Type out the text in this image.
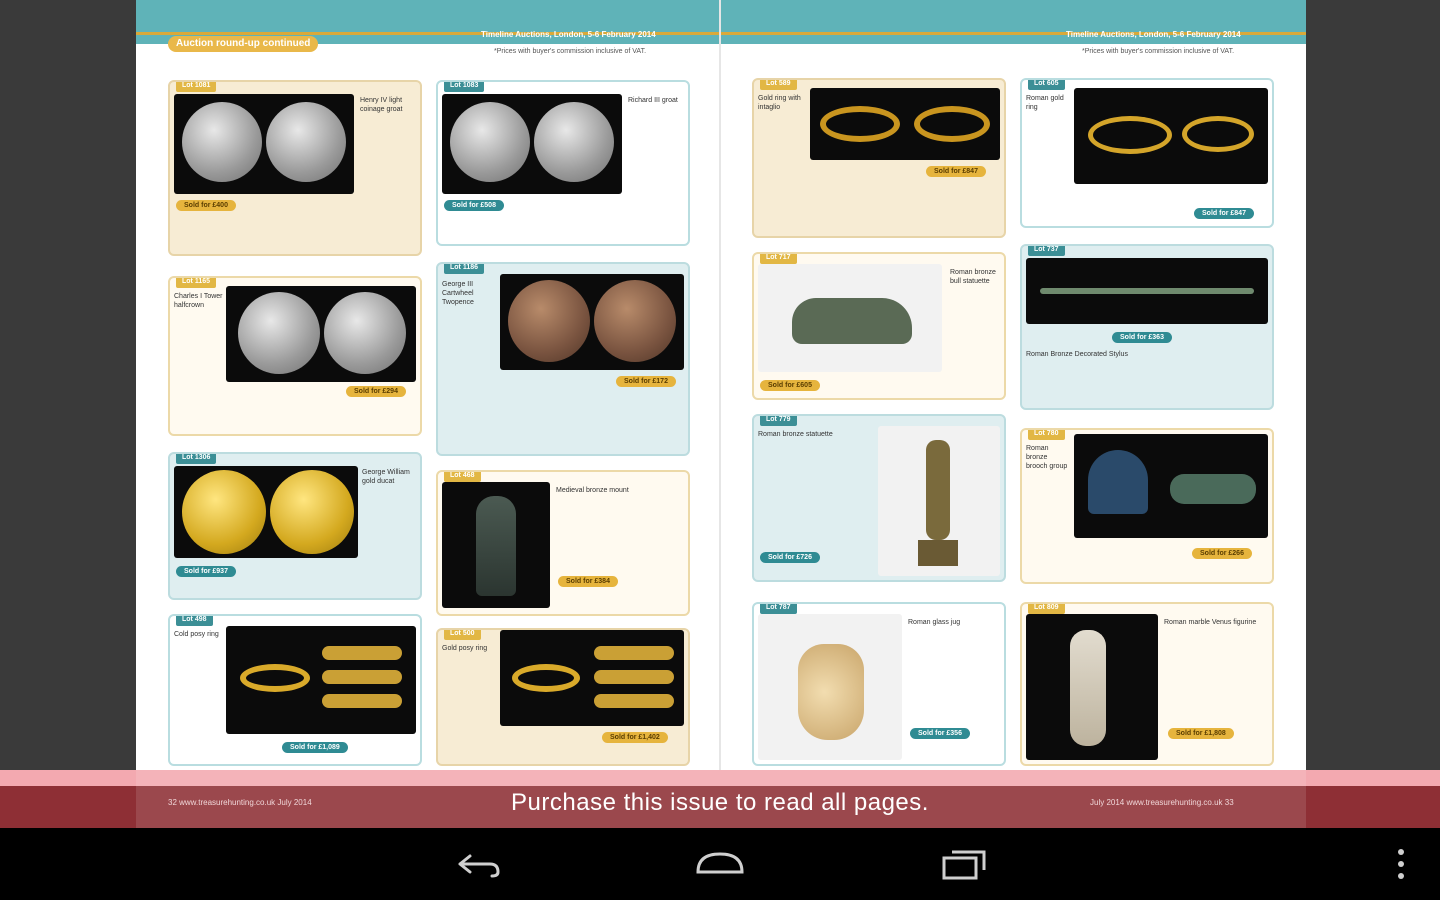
Timeline Auctions, London, 5-6 February 2014	Timeline Auctions, London, 5-6 February 2014
*Prices with buyer's commission inclusive of VAT.	*Prices with buyer's commission inclusive of VAT.
Auction round-up continued
Lot 1081
Henry IV light coinage groat
Sold for £400
Lot 1083
Richard III groat
Sold for £508
Lot 1165
Charles I Tower halfcrown
Sold for £294
Lot 1186
George III Cartwheel Twopence
Sold for £172
Lot 1306
George William gold ducat
Sold for £937
Lot 468
Medieval bronze mount
Sold for £384
Lot 498
Cold posy ring
Sold for £1,089
Lot 500
Gold posy ring
Sold for £1,402
Lot 589
Gold ring with intaglio
Sold for £847
Lot 605
Roman gold ring
Sold for £847
Lot 717
Roman bronze bull statuette
Sold for £605
Lot 737
Sold for £363
Roman Bronze Decorated Stylus
Lot 779
Roman bronze statuette
Sold for £726
Lot 780
Roman bronze brooch group
Sold for £266
Lot 787
Roman glass jug
Sold for £356
Lot 809
Roman marble Venus figurine
Sold for £1,808
32 www.treasurehunting.co.uk July 2014	July 2014 www.treasurehunting.co.uk 33
Purchase this issue to read all pages.
